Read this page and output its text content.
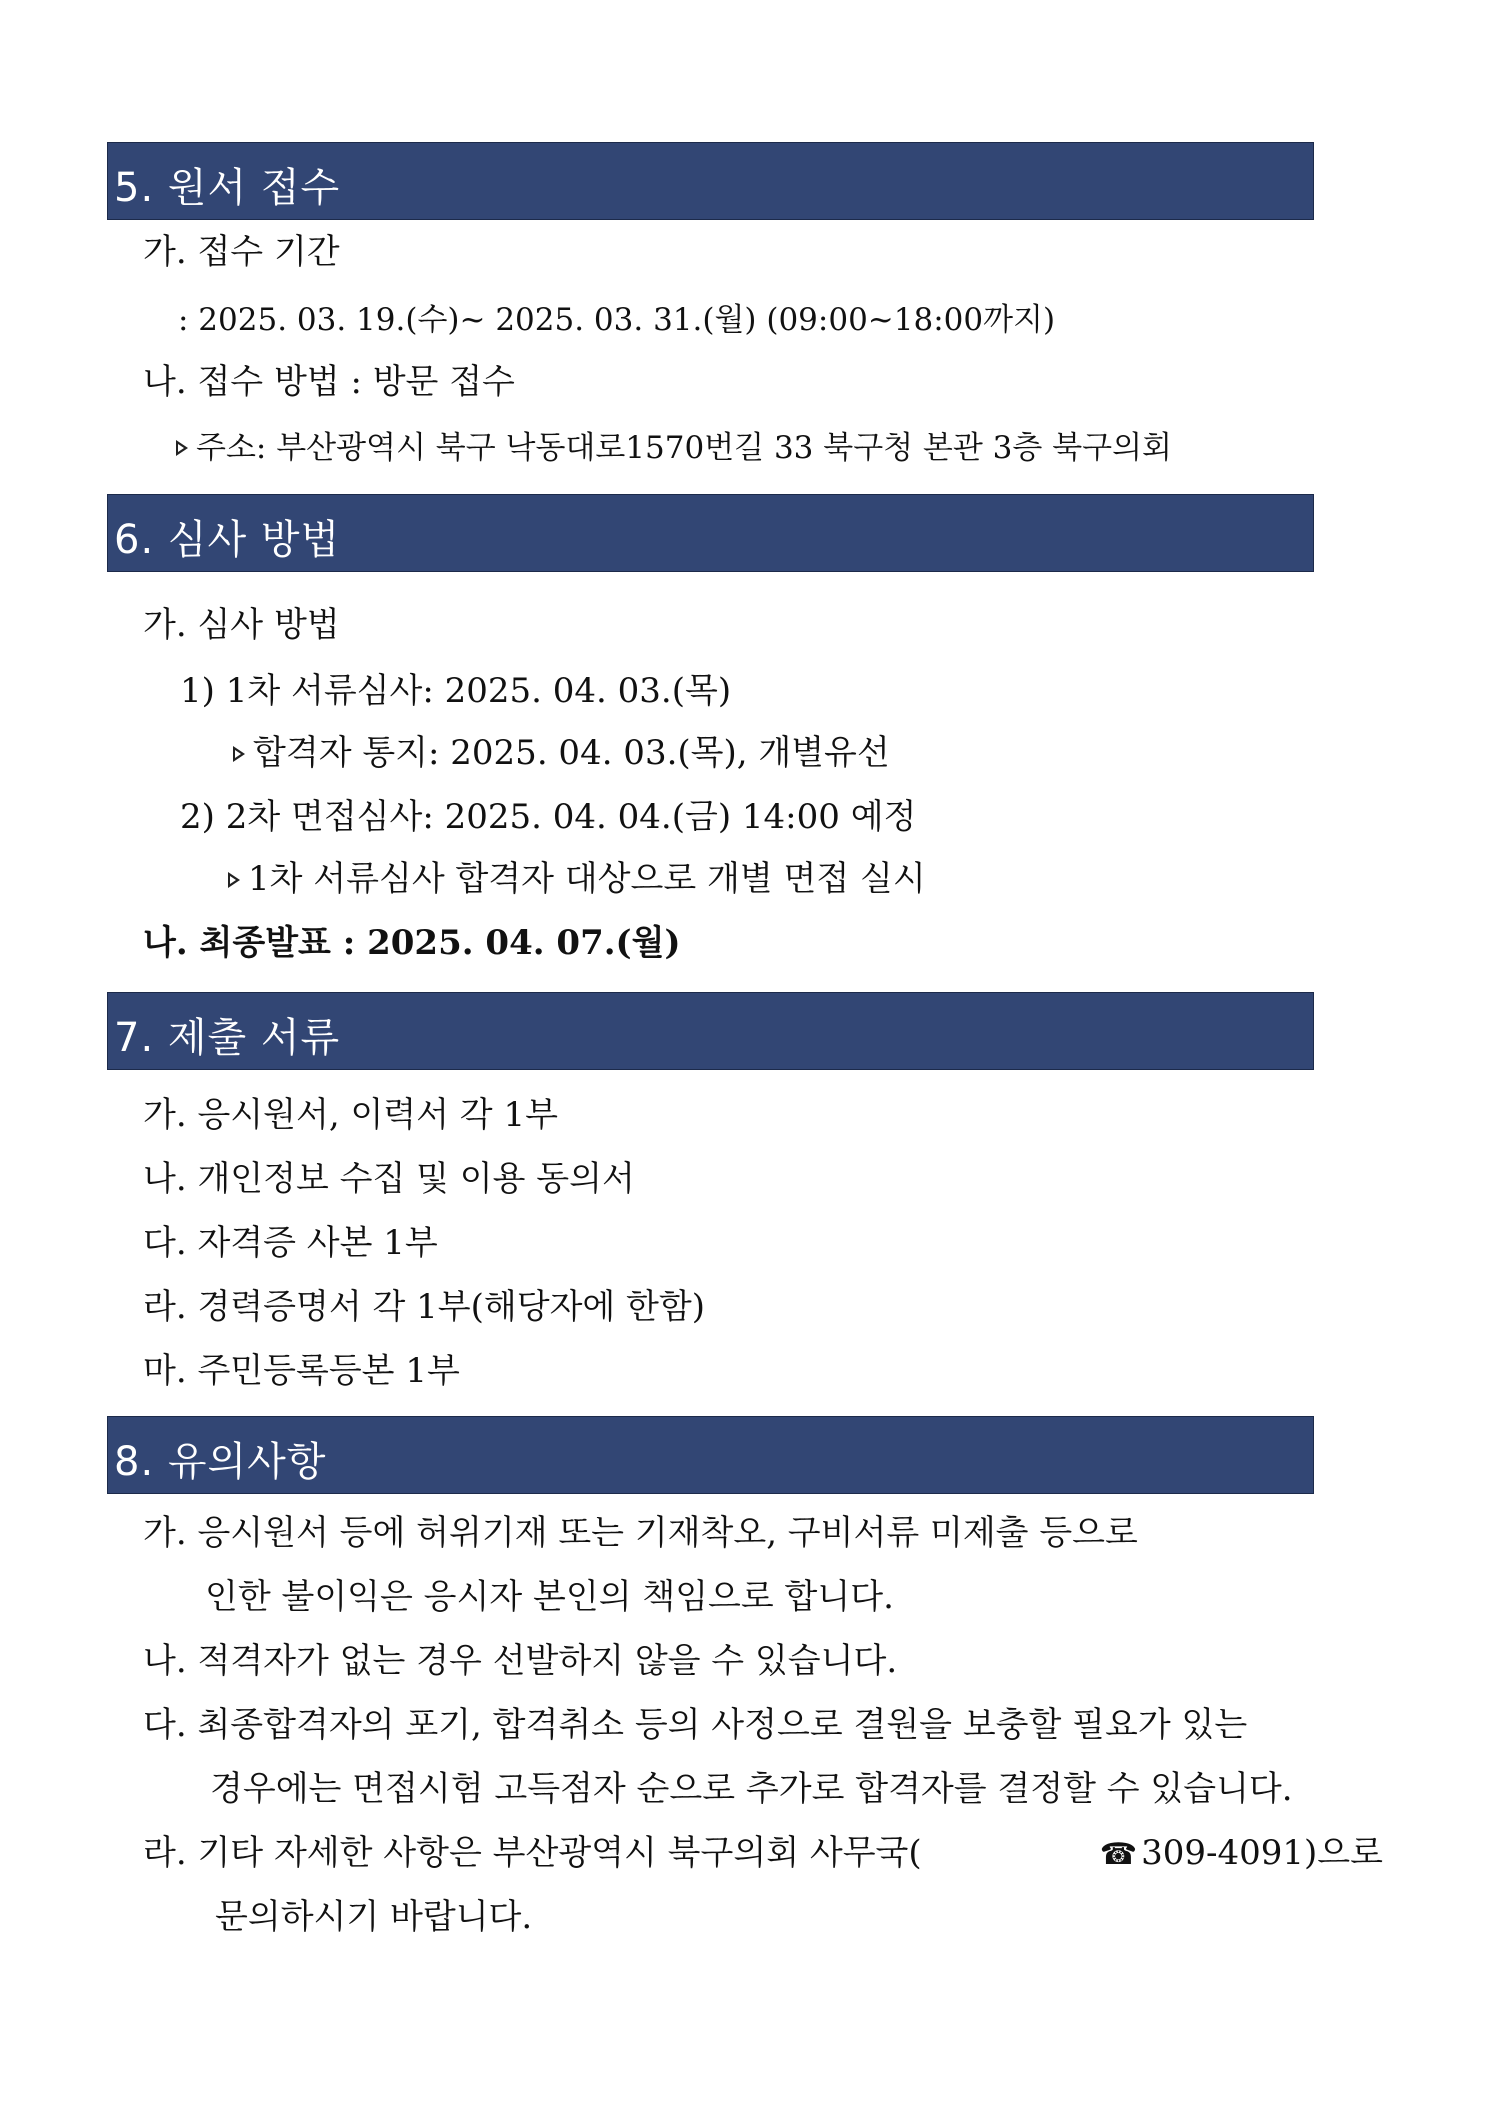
5. 원서 접수
가. 접수 기간
: 2025. 03. 19.(수)~ 2025. 03. 31.(월) (09:00~18:00까지)
나. 접수 방법 : 방문 접수
주소: 부산광역시 북구 낙동대로1570번길 33 북구청 본관 3층 북구의회
6. 심사 방법
가. 심사 방법
1) 1차 서류심사: 2025. 04. 03.(목)
합격자 통지: 2025. 04. 03.(목), 개별유선
2) 2차 면접심사: 2025. 04. 04.(금) 14:00 예정
1차 서류심사 합격자 대상으로 개별 면접 실시
나. 최종발표 : 2025. 04. 07.(월)
7. 제출 서류
가. 응시원서, 이력서 각 1부
나. 개인정보 수집 및 이용 동의서
다. 자격증 사본 1부
라. 경력증명서 각 1부(해당자에 한함)
마. 주민등록등본 1부
8. 유의사항
가. 응시원서 등에 허위기재 또는 기재착오, 구비서류 미제출 등으로
인한 불이익은 응시자 본인의 책임으로 합니다.
나. 적격자가 없는 경우 선발하지 않을 수 있습니다.
다. 최종합격자의 포기, 합격취소 등의 사정으로 결원을 보충할 필요가 있는
경우에는 면접시험 고득점자 순으로 추가로 합격자를 결정할 수 있습니다.
라. 기타 자세한 사항은 부산광역시 북구의회 사무국(	☎ 309-4091)으로
문의하시기 바랍니다.
